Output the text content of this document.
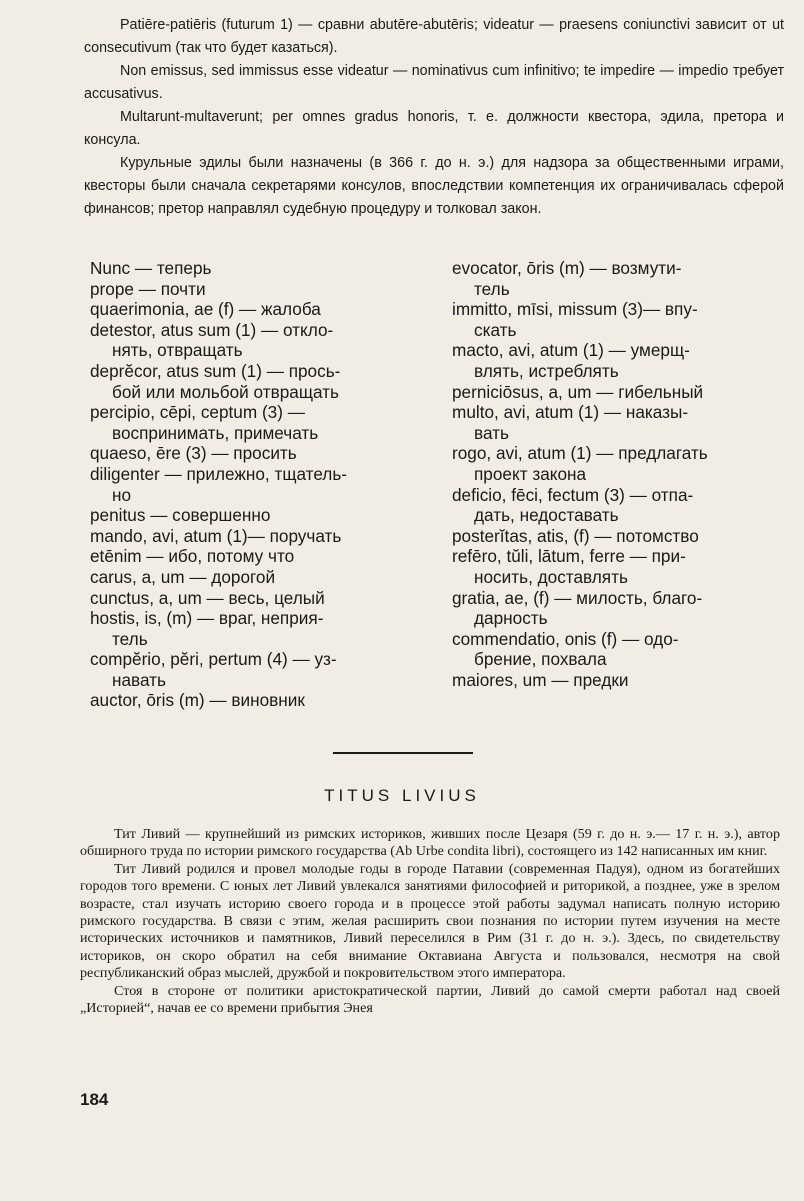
Patiēre-patiēris (futurum 1) — сравни abutēre-abutēris; videatur — praesens coniunctivi зависит от ut consecutivum (так что будет казаться).

Non emissus, sed immissus esse videatur — nominativus cum infinitivo; te impedire — impedio требует accusativus.

Multarunt-multaverunt; per omnes gradus honoris, т. е. должности квестора, эдила, претора и консула.

Курульные эдилы были назначены (в 366 г. до н. э.) для надзора за общественными играми, квесторы были сначала секретарями консулов, впоследствии компетенция их ограничивалась сферой финансов; претор направлял судебную процедуру и толковал закон.

Nunc — теперь
prope — почти
quaerimonia, ae (f) — жалоба
detestor, atus sum (1) — откло-
нять, отвращать
deprĕcor, atus sum (1) — прось-
бой или мольбой отвращать
percipio, cēpi, ceptum (3) —
воспринимать, примечать
quaeso, ēre (3) — просить
diligenter — прилежно, тщатель-
но
penitus — совершенно
mando, avi, atum (1)— поручать
etēnim — ибо, потому что
carus, a, um — дорогой
cunctus, a, um — весь, целый
hostis, is, (m) — враг, неприя-
тель
compĕrio, pĕri, pertum (4) — уз-
навать
auctor, ōris (m) — виновник
evocator, ōris (m) — возмути-
тель
immitto, mīsi, missum (3)— впу-
скать
macto, avi, atum (1) — умерщ-
влять, истреблять
perniciōsus, a, um — гибельный
multo, avi, atum (1) — наказы-
вать
rogo, avi, atum (1) — предлагать
проект закона
deficio, fēci, fectum (3) — отпа-
дать, недоставать
posterĭtas, atis, (f) — потомство
refēro, tŭli, lātum, ferre — при-
носить, доставлять
gratia, ae, (f) — милость, благо-
дарность
commendatio, onis (f) — одо-
брение, похвала
maiores, um — предки
TITUS LIVIUS

Тит Ливий — крупнейший из римских историков, живших после Цезаря (59 г. до н. э.— 17 г. н. э.), автор обширного труда по истории римского государства (Ab Urbe condita libri), состоящего из 142 написанных им книг.

Тит Ливий родился и провел молодые годы в городе Патавии (современная Падуя), одном из богатейших городов того времени. С юных лет Ливий увлекался занятиями философией и риторикой, а позднее, уже в зрелом возрасте, стал изучать историю своего города и в процессе этой работы задумал написать полную историю римского государства. В связи с этим, желая расширить свои познания по истории путем изучения на месте исторических источников и памятников, Ливий переселился в Рим (31 г. до н. э.). Здесь, по свидетельству историков, он скоро обратил на себя внимание Октавиана Августа и пользовался, несмотря на свой республиканский образ мыслей, дружбой и покровительством этого императора.

Стоя в стороне от политики аристократической партии, Ливий до самой смерти работал над своей „Историей“, начав ее со времени прибытия Энея

184
